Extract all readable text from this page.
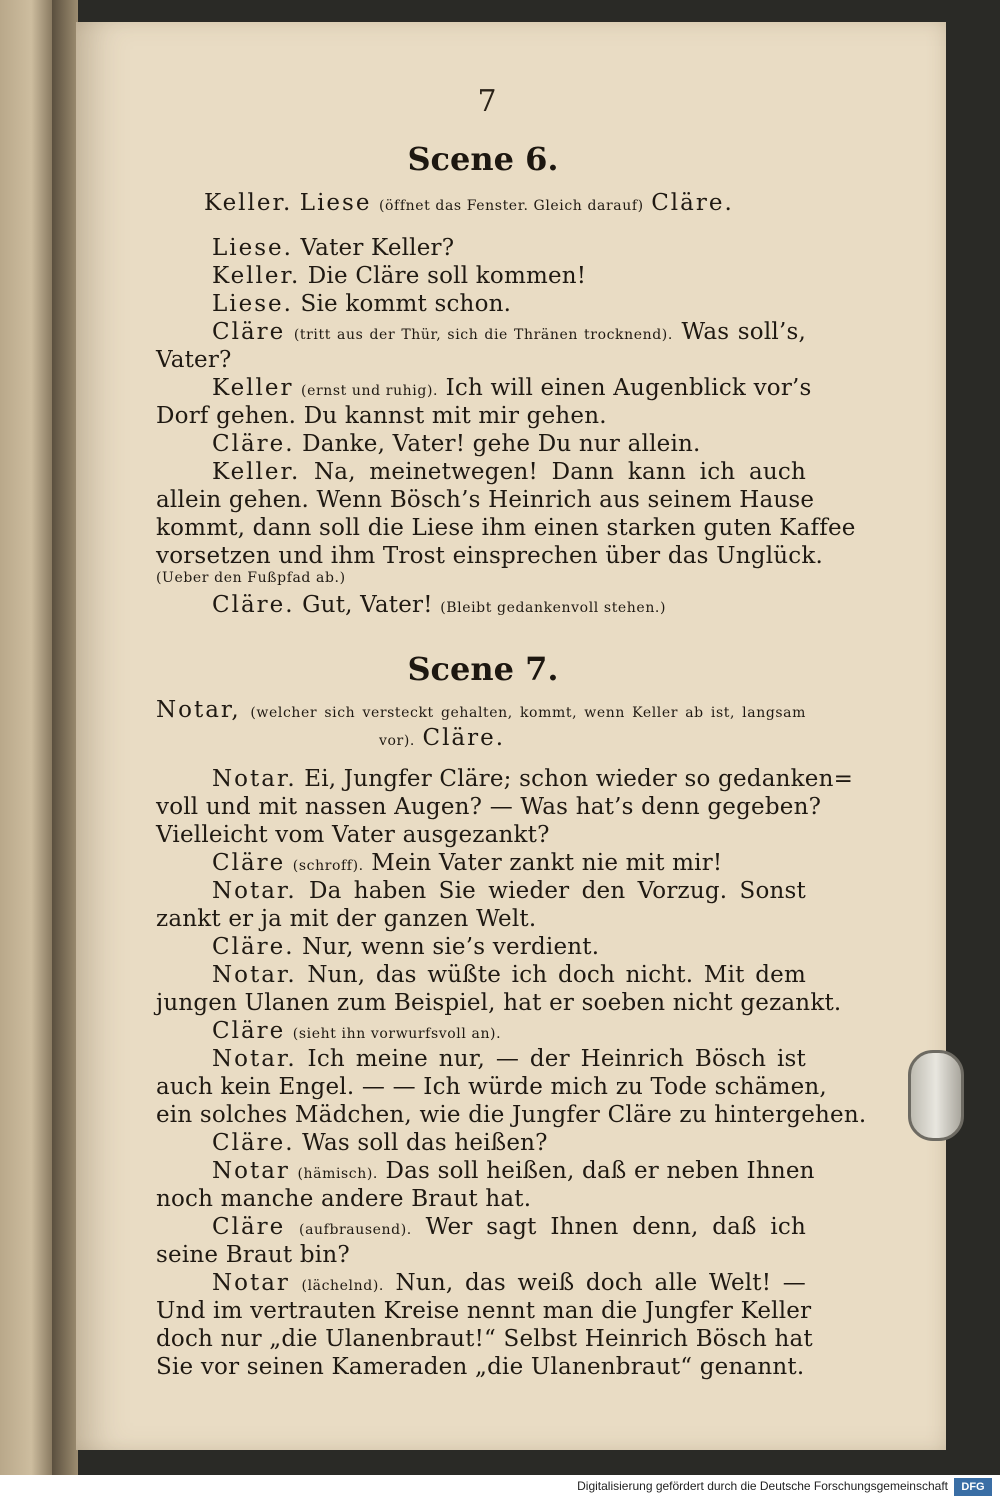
7
Scene 6.
Keller. Liese (öffnet das Fenster. Gleich darauf) Cläre.
Liese. Vater Keller?
Keller. Die Cläre soll kommen!
Liese. Sie kommt schon.
Cläre (tritt aus der Thür, sich die Thränen trocknend). Was soll’s,
Vater?
Keller (ernst und ruhig). Ich will einen Augenblick vor’s
Dorf gehen. Du kannst mit mir gehen.
Cläre. Danke, Vater! gehe Du nur allein.
Keller. Na, meinetwegen! Dann kann ich auch
allein gehen. Wenn Bösch’s Heinrich aus seinem Hause
kommt, dann soll die Liese ihm einen starken guten Kaffee
vorsetzen und ihm Trost einsprechen über das Unglück.
(Ueber den Fußpfad ab.)
Cläre. Gut, Vater! (Bleibt gedankenvoll stehen.)
Scene 7.
Notar, (welcher sich versteckt gehalten, kommt, wenn Keller ab ist, langsam
vor). Cläre.
Notar. Ei, Jungfer Cläre; schon wieder so gedanken=
voll und mit nassen Augen? — Was hat’s denn gegeben?
Vielleicht vom Vater ausgezankt?
Cläre (schroff). Mein Vater zankt nie mit mir!
Notar. Da haben Sie wieder den Vorzug. Sonst
zankt er ja mit der ganzen Welt.
Cläre. Nur, wenn sie’s verdient.
Notar. Nun, das wüßte ich doch nicht. Mit dem
jungen Ulanen zum Beispiel, hat er soeben nicht gezankt.
Cläre (sieht ihn vorwurfsvoll an).
Notar. Ich meine nur, — der Heinrich Bösch ist
auch kein Engel. — — Ich würde mich zu Tode schämen,
ein solches Mädchen, wie die Jungfer Cläre zu hintergehen.
Cläre. Was soll das heißen?
Notar (hämisch). Das soll heißen, daß er neben Ihnen
noch manche andere Braut hat.
Cläre (aufbrausend). Wer sagt Ihnen denn, daß ich
seine Braut bin?
Notar (lächelnd). Nun, das weiß doch alle Welt! —
Und im vertrauten Kreise nennt man die Jungfer Keller
doch nur „die Ulanenbraut!“ Selbst Heinrich Bösch hat
Sie vor seinen Kameraden „die Ulanenbraut“ genannt.
Digitalisierung gefördert durch die Deutsche Forschungsgemeinschaft	DFG
